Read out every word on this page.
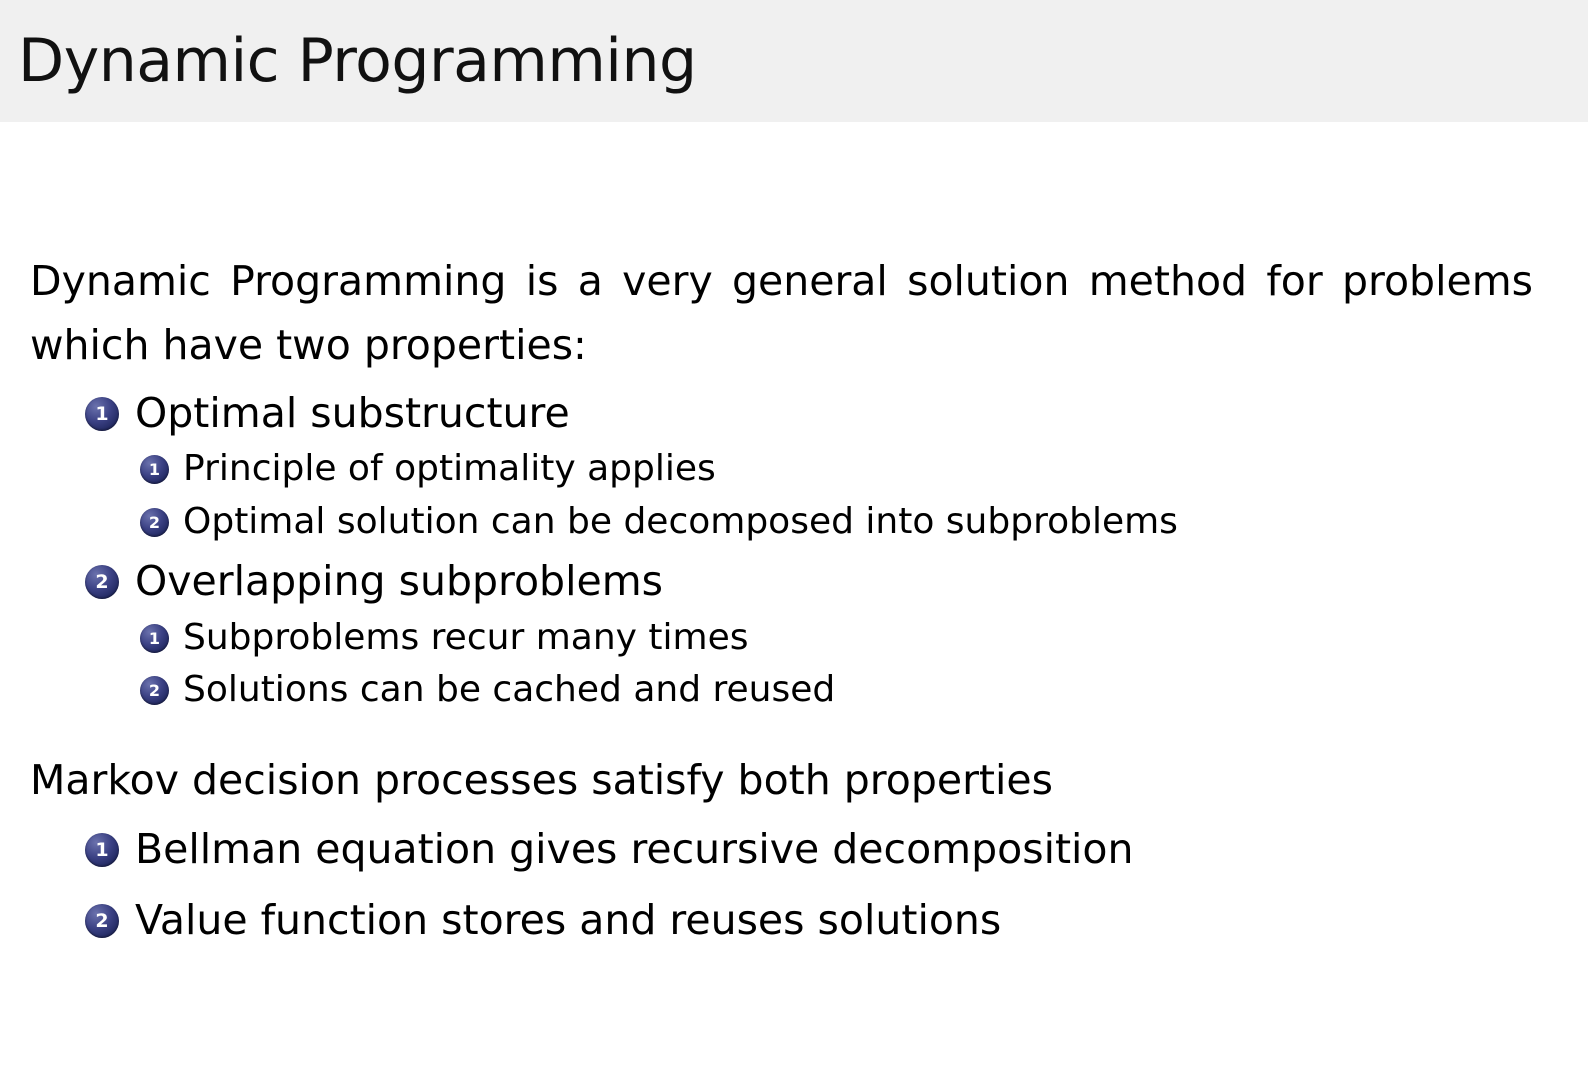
Dynamic Programming

Dynamic Programming is a very general solution method for problems which have two properties:

1 Optimal substructure
1 Principle of optimality applies
2 Optimal solution can be decomposed into subproblems
2 Overlapping subproblems
1 Subproblems recur many times
2 Solutions can be cached and reused

Markov decision processes satisfy both properties

1 Bellman equation gives recursive decomposition
2 Value function stores and reuses solutions
